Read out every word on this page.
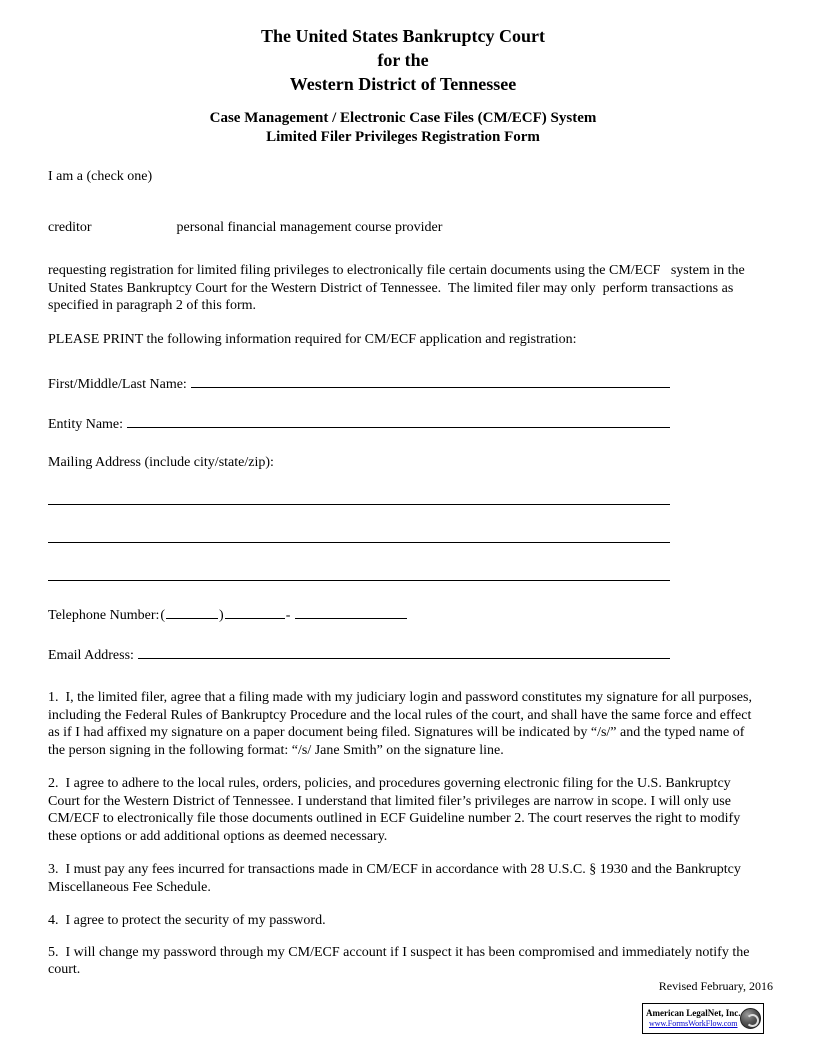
The United States Bankruptcy Court
for the
Western District of Tennessee
Case Management / Electronic Case Files (CM/ECF) System
Limited Filer Privileges Registration Form
I am a (check one)
creditor	personal financial management course provider
requesting registration for limited filing privileges to electronically file certain documents using the CM/ECF   system in the United States Bankruptcy Court for the Western District of Tennessee.  The limited filer may only  perform transactions as specified in paragraph 2 of this form.
PLEASE PRINT the following information required for CM/ECF application and registration:
First/Middle/Last Name:
Entity Name:
Mailing Address (include city/state/zip):
Telephone Number: (	)	-
Email Address:
1.  I, the limited filer, agree that a filing made with my judiciary login and password constitutes my signature for all purposes, including the Federal Rules of Bankruptcy Procedure and the local rules of the court, and shall have the same force and effect as if I had affixed my signature on a paper document being filed. Signatures will be indicated by “/s/” and the typed name of the person signing in the following format: “/s/ Jane Smith” on the signature line.
2.  I agree to adhere to the local rules, orders, policies, and procedures governing electronic filing for the U.S. Bankruptcy Court for the Western District of Tennessee. I understand that limited filer’s privileges are narrow in scope. I will only use CM/ECF to electronically file those documents outlined in ECF Guideline number 2. The court reserves the right to modify these options or add additional options as deemed necessary.
3.  I must pay any fees incurred for transactions made in CM/ECF in accordance with 28 U.S.C. § 1930 and the Bankruptcy Miscellaneous Fee Schedule.
4.  I agree to protect the security of my password.
5.  I will change my password through my CM/ECF account if I suspect it has been compromised and immediately notify the court.
Revised February, 2016
American LegalNet, Inc.
www.FormsWorkFlow.com
